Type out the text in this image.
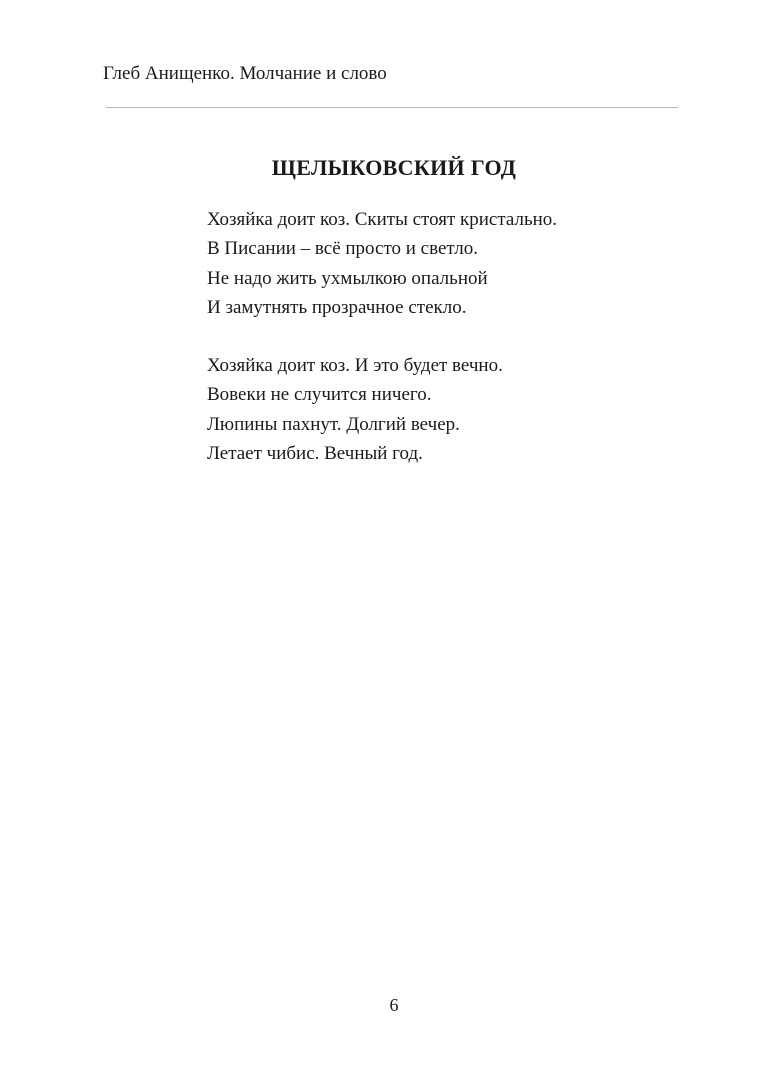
Глеб Анищенко. Молчание и слово
ЩЕЛЫКОВСКИЙ ГОД
Хозяйка доит коз. Скиты стоят кристально.
В Писании – всё просто и светло.
Не надо жить ухмылкою опальной
И замутнять прозрачное стекло.
Хозяйка доит коз. И это будет вечно.
Вовеки не случится ничего.
Люпины пахнут. Долгий вечер.
Летает чибис. Вечный год.
6
